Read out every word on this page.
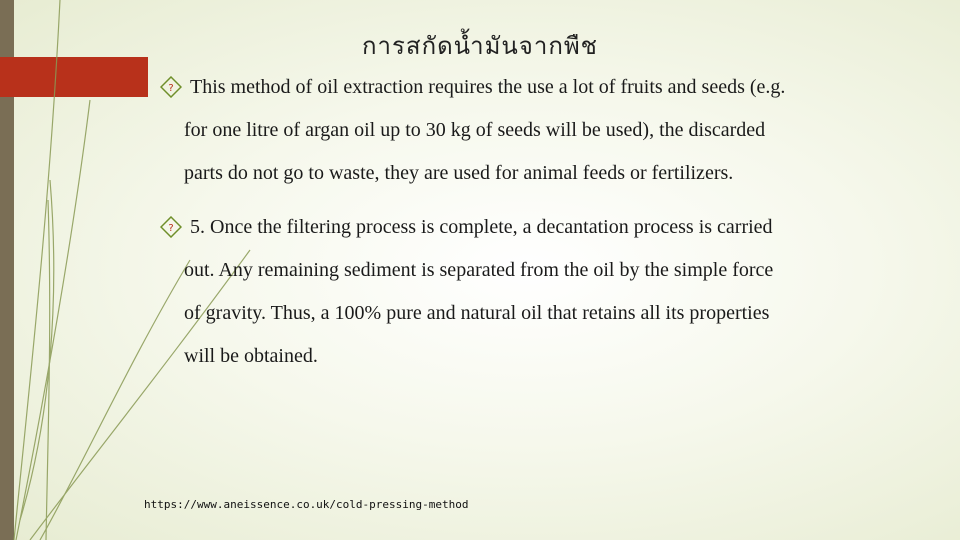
การสกัดน้ำมันจากพืช
? This method of oil extraction requires the use a lot of fruits and seeds (e.g.
for one litre of argan oil up to 30 kg of seeds will be used), the discarded
parts do not go to waste, they are used for animal feeds or fertilizers.
? 5. Once the filtering process is complete, a decantation process is carried
out. Any remaining sediment is separated from the oil by the simple force
of gravity. Thus, a 100% pure and natural oil that retains all its properties
will be obtained.
https://www.aneissence.co.uk/cold-pressing-method
